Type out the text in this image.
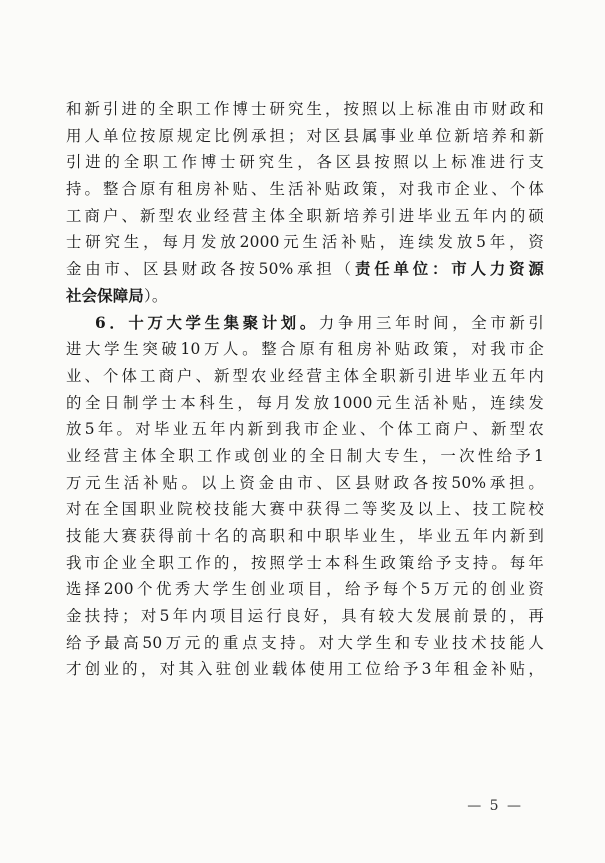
和新引进的全职工作博士研究生，按照以上标准由市财政和
用人单位按原规定比例承担；对区县属事业单位新培养和新
引进的全职工作博士研究生，各区县按照以上标准进行支
持。整合原有租房补贴、生活补贴政策，对我市企业、个体
工商户、新型农业经营主体全职新培养引进毕业五年内的硕
士研究生，每月发放2000元生活补贴，连续发放5年，资
金由市、区县财政各按50%承担（责任单位：市人力资源
社会保障局）。
6．十万大学生集聚计划。力争用三年时间，全市新引
进大学生突破10万人。整合原有租房补贴政策，对我市企
业、个体工商户、新型农业经营主体全职新引进毕业五年内
的全日制学士本科生，每月发放1000元生活补贴，连续发
放5年。对毕业五年内新到我市企业、个体工商户、新型农
业经营主体全职工作或创业的全日制大专生，一次性给予1
万元生活补贴。以上资金由市、区县财政各按50%承担。
对在全国职业院校技能大赛中获得二等奖及以上、技工院校
技能大赛获得前十名的高职和中职毕业生，毕业五年内新到
我市企业全职工作的，按照学士本科生政策给予支持。每年
选择200个优秀大学生创业项目，给予每个5万元的创业资
金扶持；对5年内项目运行良好，具有较大发展前景的，再
给予最高50万元的重点支持。对大学生和专业技术技能人
才创业的，对其入驻创业载体使用工位给予3年租金补贴，
— 5 —
